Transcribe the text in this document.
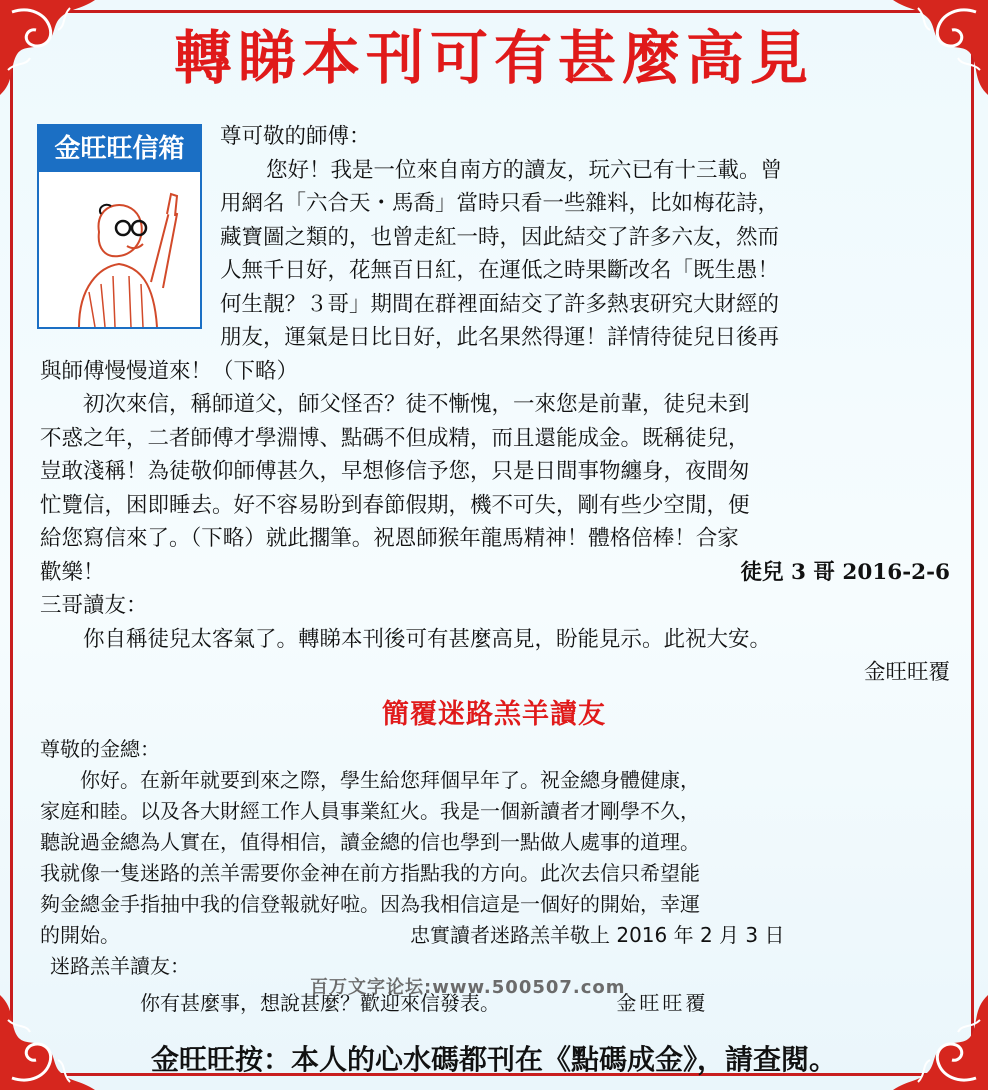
轉睇本刊可有甚麼高見
金旺旺信箱	尊可敬的師傅：
您好！我是一位來自南方的讀友，玩六已有十三載。曾
用網名「六合天・馬喬」當時只看一些雜料，比如梅花詩，
藏寶圖之類的，也曾走紅一時，因此結交了許多六友，然而
人無千日好，花無百日紅，在運低之時果斷改名「既生愚！
何生靚？３哥」期間在群裡面結交了許多熱衷研究大財經的
朋友，運氣是日比日好，此名果然得運！詳情待徒兒日後再
與師傅慢慢道來！（下略）
　　初次來信，稱師道父，師父怪否？徒不慚愧，一來您是前輩，徒兒未到
不惑之年，二者師傅才學淵博、點碼不但成精，而且還能成金。既稱徒兒，
豈敢淺稱！為徒敬仰師傅甚久，早想修信予您，只是日間事物纏身，夜間匆
忙覽信，困即睡去。好不容易盼到春節假期，機不可失，剛有些少空閒，便
給您寫信來了。（下略）就此擱筆。祝恩師猴年龍馬精神！體格倍棒！合家
歡樂！	徒兒 3 哥 2016-2-6
三哥讀友：
　　你自稱徒兒太客氣了。轉睇本刊後可有甚麼高見，盼能見示。此祝大安。
金旺旺覆
簡覆迷路羔羊讀友
尊敬的金總：
　　你好。在新年就要到來之際，學生給您拜個早年了。祝金總身體健康，
家庭和睦。以及各大財經工作人員事業紅火。我是一個新讀者才剛學不久，
聽說過金總為人實在，值得相信，讀金總的信也學到一點做人處事的道理。
我就像一隻迷路的羔羊需要你金神在前方指點我的方向。此次去信只希望能
夠金總金手指抽中我的信登報就好啦。因為我相信這是一個好的開始，幸運
的開始。	忠實讀者迷路羔羊敬上 2016 年 2 月 3 日
迷路羔羊讀友：
你有甚麼事，想說甚麼？歡迎來信發表。	金旺旺覆
百万文字论坛:www.500507.com
金旺旺按：本人的心水碼都刊在《點碼成金》，請查閱。
